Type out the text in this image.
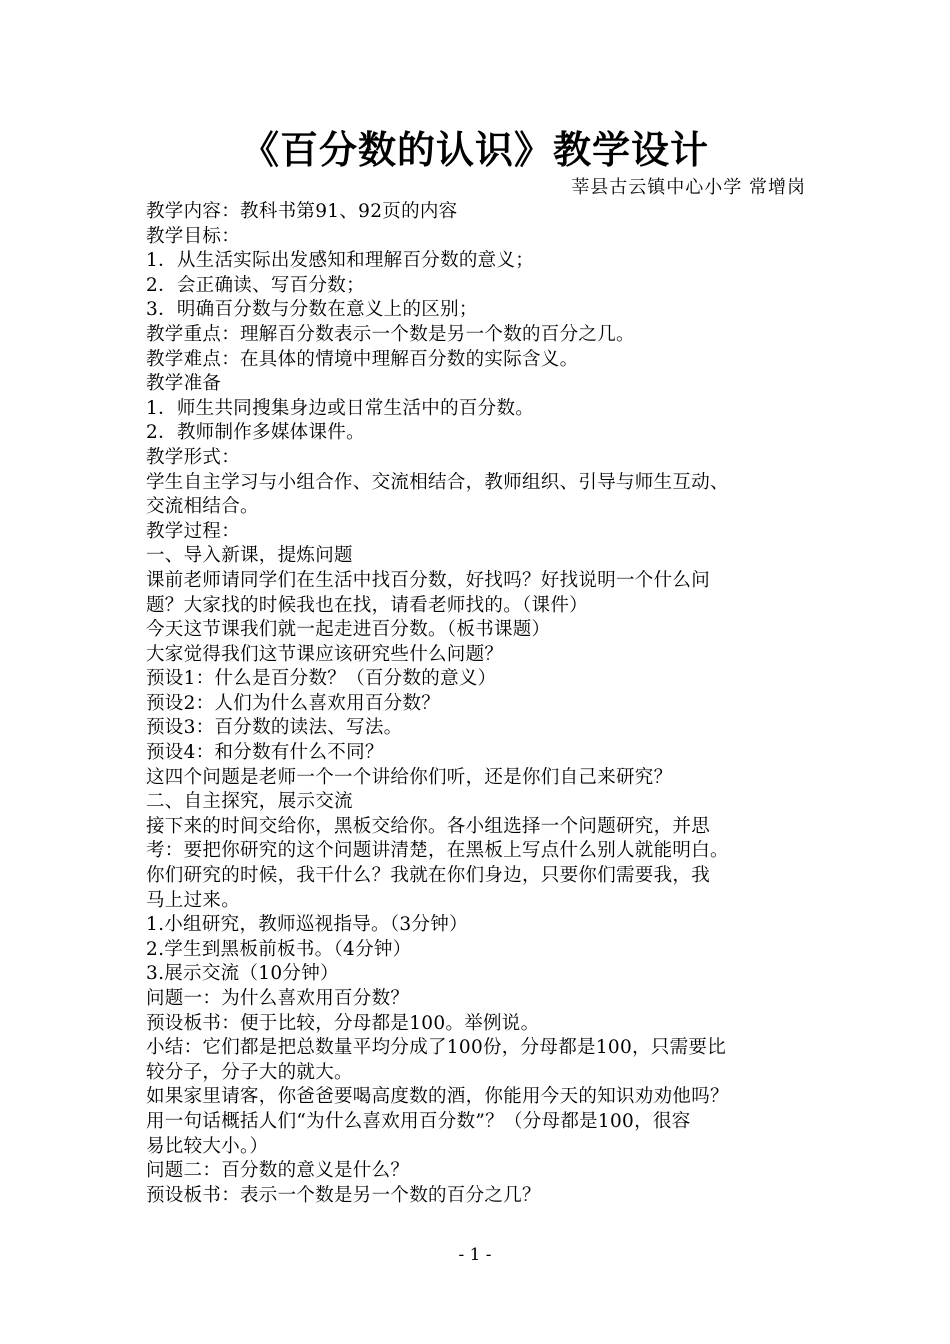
《百分数的认识》教学设计
莘县古云镇中心小学 常增岗

教学内容：教科书第91、92页的内容

教学目标：

1．从生活实际出发感知和理解百分数的意义；

2．会正确读、写百分数；

3．明确百分数与分数在意义上的区别；

教学重点：理解百分数表示一个数是另一个数的百分之几。

教学难点：在具体的情境中理解百分数的实际含义。

教学准备

1．师生共同搜集身边或日常生活中的百分数。

2．教师制作多媒体课件。

教学形式：

学生自主学习与小组合作、交流相结合，教师组织、引导与师生互动、

交流相结合。

教学过程：

一、导入新课，提炼问题

课前老师请同学们在生活中找百分数，好找吗？好找说明一个什么问

题？大家找的时候我也在找，请看老师找的。（课件）

今天这节课我们就一起走进百分数。（板书课题）

大家觉得我们这节课应该研究些什么问题？

预设1：什么是百分数？（百分数的意义）

预设2：人们为什么喜欢用百分数？

预设3：百分数的读法、写法。

预设4：和分数有什么不同？

这四个问题是老师一个一个讲给你们听，还是你们自己来研究？

二、自主探究，展示交流

接下来的时间交给你，黑板交给你。各小组选择一个问题研究，并思

考：要把你研究的这个问题讲清楚，在黑板上写点什么别人就能明白。

你们研究的时候，我干什么？我就在你们身边，只要你们需要我，我

马上过来。

1.小组研究，教师巡视指导。（3分钟）

2.学生到黑板前板书。（4分钟）

3.展示交流（10分钟）

问题一：为什么喜欢用百分数？

预设板书：便于比较，分母都是100。举例说。

小结：它们都是把总数量平均分成了100份，分母都是100，只需要比

较分子，分子大的就大。

如果家里请客，你爸爸要喝高度数的酒，你能用今天的知识劝劝他吗？

用一句话概括人们“为什么喜欢用百分数”？（分母都是100，很容

易比较大小。）

问题二：百分数的意义是什么？

预设板书：表示一个数是另一个数的百分之几？

- 1 -
